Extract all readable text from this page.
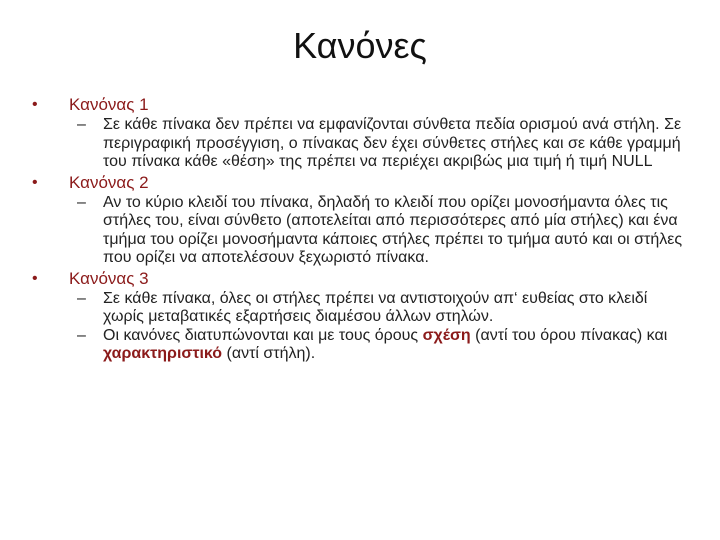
Κανόνες
• Κανόνας 1
– Σε κάθε πίνακα δεν πρέπει να εμφανίζονται σύνθετα πεδία ορισμού ανά στήλη. Σε περιγραφική προσέγγιση, ο πίνακας δεν έχει σύνθετες στήλες και σε κάθε γραμμή του πίνακα κάθε «θέση» της πρέπει να περιέχει ακριβώς μια τιμή ή τιμή NULL
• Κανόνας 2
– Αν το κύριο κλειδί του πίνακα, δηλαδή το κλειδί που ορίζει μονοσήμαντα όλες τις στήλες του, είναι σύνθετο (αποτελείται από περισσότερες από μία στήλες) και ένα τμήμα του ορίζει μονοσήμαντα κάποιες στήλες πρέπει το τμήμα αυτό και οι στήλες που ορίζει να αποτελέσουν ξεχωριστό πίνακα.
• Κανόνας 3
– Σε κάθε πίνακα, όλες οι στήλες πρέπει να αντιστοιχούν απ‘ ευθείας στο κλειδί χωρίς μεταβατικές εξαρτήσεις διαμέσου άλλων στηλών.
– Οι κανόνες διατυπώνονται και με τους όρους σχέση (αντί του όρου πίνακας) και χαρακτηριστικό (αντί στήλη).
